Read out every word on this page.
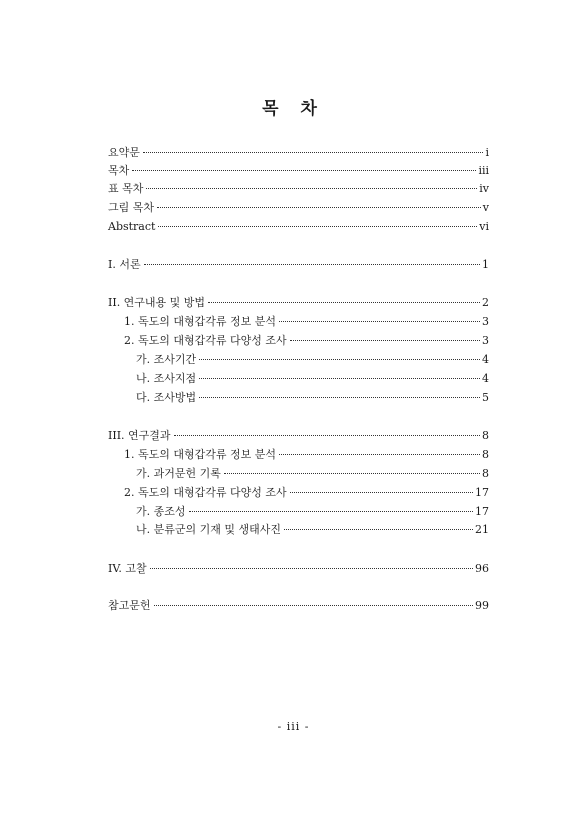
목 차
요약문	i
목차	iii
표 목차	iv
그림 목차	v
Abstract	vi
I. 서론	1
II. 연구내용 및 방법	2
1. 독도의 대형갑각류 정보 분석	3
2. 독도의 대형갑각류 다양성 조사	3
가. 조사기간	4
나. 조사지점	4
다. 조사방법	5
III. 연구결과	8
1. 독도의 대형갑각류 정보 분석	8
가. 과거문헌 기록	8
2. 독도의 대형갑각류 다양성 조사	17
가. 종조성	17
나. 분류군의 기재 및 생태사진	21
IV. 고찰	96
참고문헌	99
- iii -
